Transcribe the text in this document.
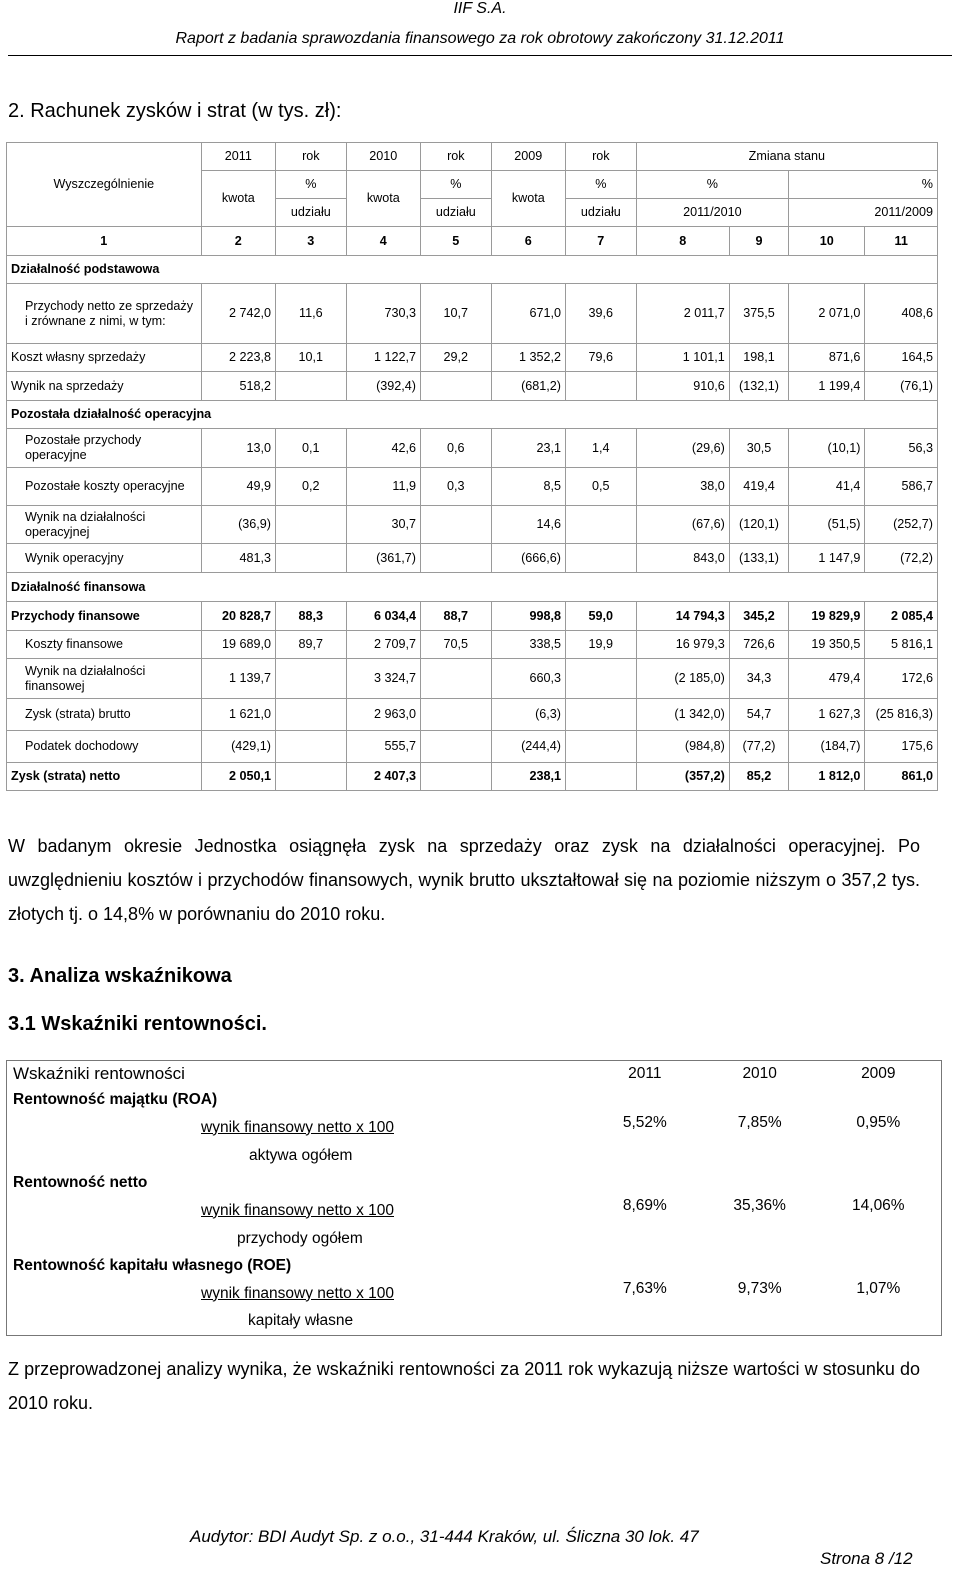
IIF S.A.
Raport z badania sprawozdania finansowego za rok obrotowy zakończony 31.12.2011
2. Rachunek zysków i strat (w tys. zł):
Wyszczególnienie	2011	rok	2010	rok	2009	rok	Zmiana stanu			
	kwota	%	kwota	%	kwota	%	%		%	
		udziału		udziału		udziału	2011/2010		2011/2009	
1	2	3	4	5	6	7	8	9	10	11
Działalność podstawowa										
Przychody netto ze sprzedaży i zrównane z nimi, w tym:	2 742,0	11,6	730,3	10,7	671,0	39,6	2 011,7	375,5	2 071,0	408,6
Koszt własny sprzedaży	2 223,8	10,1	1 122,7	29,2	1 352,2	79,6	1 101,1	198,1	871,6	164,5
Wynik na sprzedaży	518,2		(392,4)		(681,2)		910,6	(132,1)	1 199,4	(76,1)
Pozostała działalność operacyjna										
Pozostałe przychody operacyjne	13,0	0,1	42,6	0,6	23,1	1,4	(29,6)	30,5	(10,1)	56,3
Pozostałe koszty operacyjne	49,9	0,2	11,9	0,3	8,5	0,5	38,0	419,4	41,4	586,7
Wynik na działalności operacyjnej	(36,9)		30,7		14,6		(67,6)	(120,1)	(51,5)	(252,7)
Wynik operacyjny	481,3		(361,7)		(666,6)		843,0	(133,1)	1 147,9	(72,2)
Działalność finansowa										
Przychody finansowe	20 828,7	88,3	6 034,4	88,7	998,8	59,0	14 794,3	345,2	19 829,9	2 085,4
Koszty finansowe	19 689,0	89,7	2 709,7	70,5	338,5	19,9	16 979,3	726,6	19 350,5	5 816,1
Wynik na działalności finansowej	1 139,7		3 324,7		660,3		(2 185,0)	34,3	479,4	172,6
Zysk (strata) brutto	1 621,0		2 963,0		(6,3)		(1 342,0)	54,7	1 627,3	(25 816,3)
Podatek dochodowy	(429,1)		555,7		(244,4)		(984,8)	(77,2)	(184,7)	175,6
Zysk (strata) netto	2 050,1		2 407,3		238,1		(357,2)	85,2	1 812,0	861,0
W badanym okresie Jednostka osiągnęła zysk na sprzedaży oraz zysk na działalności operacyjnej. Po uwzględnieniu kosztów i przychodów finansowych, wynik brutto ukształtował się na poziomie niższym o 357,2 tys. złotych tj. o 14,8% w porównaniu do 2010 roku.
3. Analiza wskaźnikowa
3.1 Wskaźniki rentowności.
Wskaźniki rentowności	2011	2010	2009
Rentowność majątku (ROA)			
wynik finansowy netto x 100	5,52%	7,85%	0,95%
aktywa ogółem			
Rentowność netto			
wynik finansowy netto x 100	8,69%	35,36%	14,06%
przychody ogółem			
Rentowność kapitału własnego (ROE)			
wynik finansowy netto x 100	7,63%	9,73%	1,07%
kapitały własne			
Z przeprowadzonej analizy wynika, że wskaźniki rentowności za 2011 rok wykazują niższe wartości w stosunku do 2010 roku.
Audytor: BDI Audyt Sp. z o.o., 31-444 Kraków, ul. Śliczna 30 lok. 47
Strona 8 /12
